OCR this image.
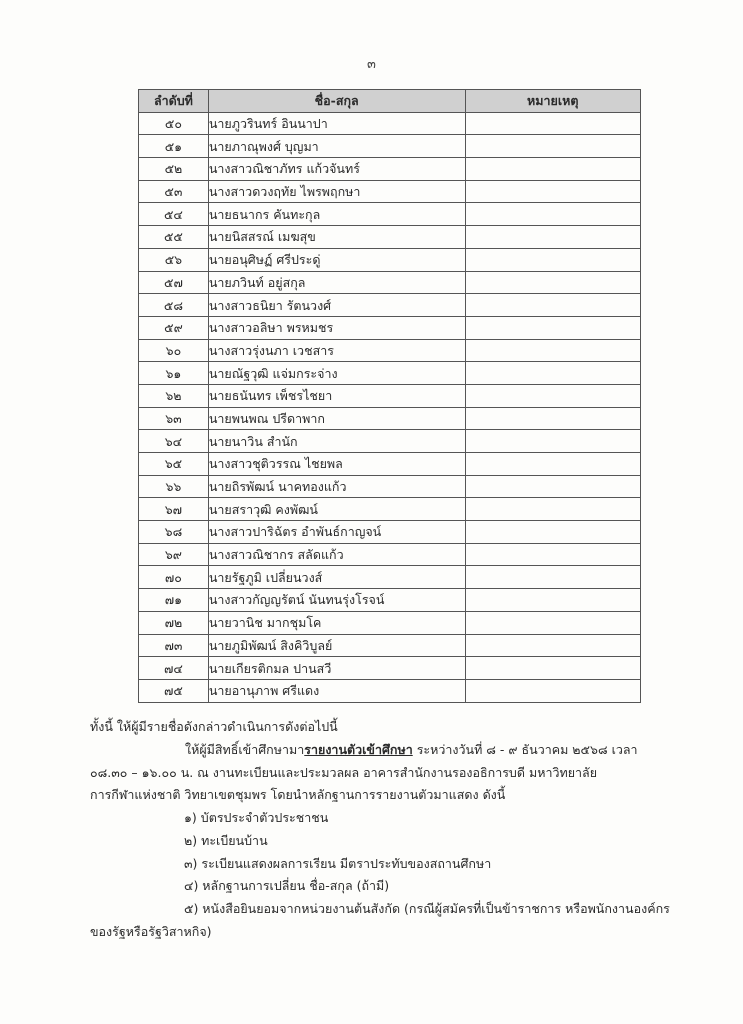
๓
ลำดับที่	ชื่อ-สกุล	หมายเหตุ
๕๐	นายภูวรินทร์ อินนาปา	
๕๑	นายภาณุพงศ์ บุญมา	
๕๒	นางสาวณิชาภัทร แก้วจันทร์	
๕๓	นางสาวดวงฤทัย ไพรพฤกษา	
๕๔	นายธนากร คันทะกุล	
๕๕	นายนิสสรณ์ เมฆสุข	
๕๖	นายอนุศิษฏ์ ศรีประดู่	
๕๗	นายภวินท์ อยู่สกุล	
๕๘	นางสาวธนิยา รัตนวงศ์	
๕๙	นางสาวอลิษา พรหมชร	
๖๐	นางสาวรุ่งนภา เวชสาร	
๖๑	นายณัฐวุฒิ แจ่มกระจ่าง	
๖๒	นายธนันทร เพ็ชรไชยา	
๖๓	นายพนพณ ปรีดาพาก	
๖๔	นายนาวิน สำนัก	
๖๕	นางสาวชุติวรรณ ไชยพล	
๖๖	นายถิรพัฒน์ นาคทองแก้ว	
๖๗	นายสราวุฒิ คงพัฒน์	
๖๘	นางสาวปาริฉัตร อำพันธ์กาญจน์	
๖๙	นางสาวณิชากร สลัดแก้ว	
๗๐	นายรัฐภูมิ เปลี่ยนวงส์	
๗๑	นางสาวกัญญรัตน์ นันทนรุ่งโรจน์	
๗๒	นายวานิช มากชุมโค	
๗๓	นายภูมิพัฒน์ สิงคิวิบูลย์	
๗๔	นายเกียรติกมล ปานสวี	
๗๕	นายอานุภาพ ศรีแดง	
ทั้งนี้ ให้ผู้มีรายชื่อดังกล่าวดำเนินการดังต่อไปนี้
ให้ผู้มีสิทธิ์เข้าศึกษามารายงานตัวเข้าศึกษา ระหว่างวันที่ ๘ - ๙ ธันวาคม ๒๕๖๘ เวลา
๐๘.๓๐ – ๑๖.๐๐ น. ณ งานทะเบียนและประมวลผล อาคารสำนักงานรองอธิการบดี มหาวิทยาลัย
การกีฬาแห่งชาติ วิทยาเขตชุมพร โดยนำหลักฐานการรายงานตัวมาแสดง ดังนี้
๑) บัตรประจำตัวประชาชน
๒) ทะเบียนบ้าน
๓) ระเบียนแสดงผลการเรียน มีตราประทับของสถานศึกษา
๔) หลักฐานการเปลี่ยน ชื่อ-สกุล (ถ้ามี)
๕) หนังสือยินยอมจากหน่วยงานต้นสังกัด (กรณีผู้สมัครที่เป็นข้าราชการ หรือพนักงานองค์กร
ของรัฐหรือรัฐวิสาหกิจ)
